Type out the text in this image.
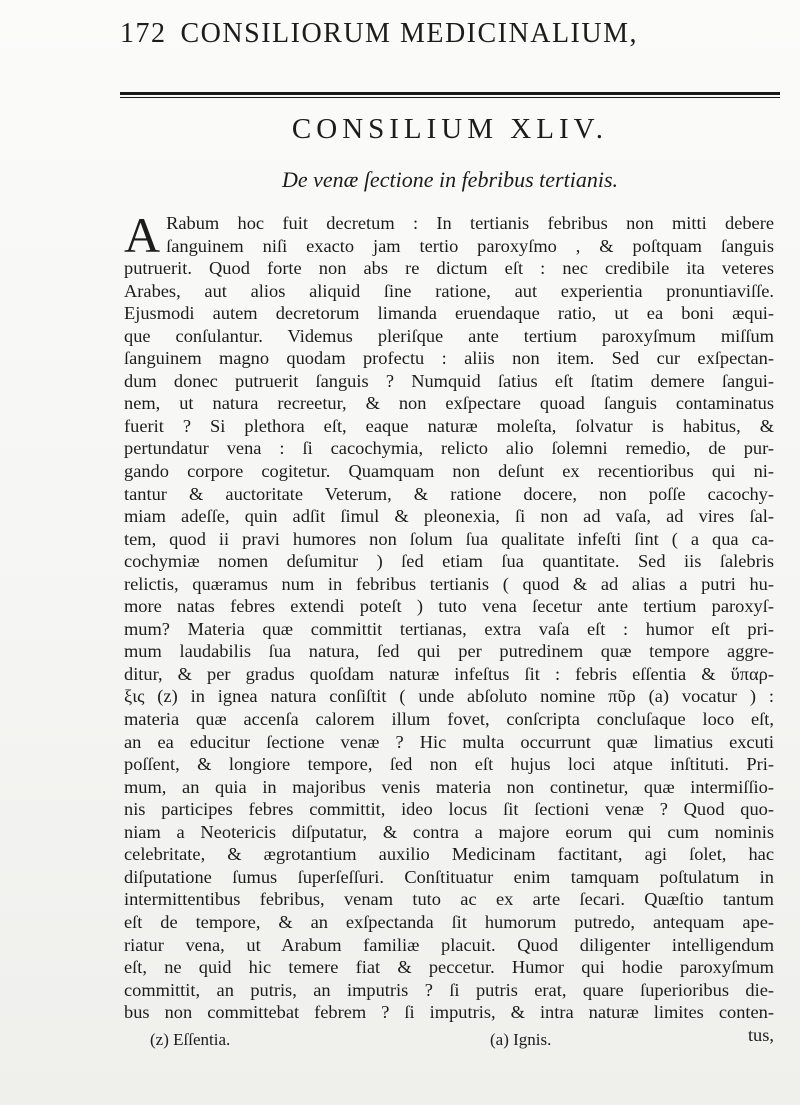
172 CONSILIORUM MEDICINALIUM,
CONSILIUM XLIV.
De venæ ſectione in febribus tertianis.
A Rabum hoc fuit decretum : In tertianis febribus non mitti debere
ſanguinem niſi exacto jam tertio paroxyſmo , & poſtquam ſanguis
putruerit. Quod forte non abs re dictum eſt : nec credibile ita veteres
Arabes, aut alios aliquid ſine ratione, aut experientia pronuntiaviſſe.
Ejusmodi autem decretorum limanda eruendaque ratio, ut ea boni æqui-
que conſulantur. Videmus pleriſque ante tertium paroxyſmum miſſum
ſanguinem magno quodam profectu : aliis non item. Sed cur exſpectan-
dum donec putruerit ſanguis ? Numquid ſatius eſt ſtatim demere ſangui-
nem, ut natura recreetur, & non exſpectare quoad ſanguis contaminatus
fuerit ? Si plethora eſt, eaque naturæ moleſta, ſolvatur is habitus, &
pertundatur vena : ſi cacochymia, relicto alio ſolemni remedio, de pur-
gando corpore cogitetur. Quamquam non deſunt ex recentioribus qui ni-
tantur & auctoritate Veterum, & ratione docere, non poſſe cacochy-
miam adeſſe, quin adſit ſimul & pleonexia, ſi non ad vaſa, ad vires ſal-
tem, quod ii pravi humores non ſolum ſua qualitate infeſti ſint ( a qua ca-
cochymiæ nomen deſumitur ) ſed etiam ſua quantitate. Sed iis ſalebris
relictis, quæramus num in febribus tertianis ( quod & ad alias a putri hu-
more natas febres extendi poteſt ) tuto vena ſecetur ante tertium paroxyſ-
mum? Materia quæ committit tertianas, extra vaſa eſt : humor eſt pri-
mum laudabilis ſua natura, ſed qui per putredinem quæ tempore aggre-
ditur, & per gradus quoſdam naturæ infeſtus ſit : febris eſſentia & ὕπαρ-
ξις (z) in ignea natura conſiſtit ( unde abſoluto nomine πῦρ (a) vocatur ) :
materia quæ accenſa calorem illum fovet, conſcripta concluſaque loco eſt,
an ea educitur ſectione venæ ? Hic multa occurrunt quæ limatius excuti
poſſent, & longiore tempore, ſed non eſt hujus loci atque inſtituti. Pri-
mum, an quia in majoribus venis materia non continetur, quæ intermiſſio-
nis participes febres committit, ideo locus ſit ſectioni venæ ? Quod quo-
niam a Neotericis diſputatur, & contra a majore eorum qui cum nominis
celebritate, & ægrotantium auxilio Medicinam factitant, agi ſolet, hac
diſputatione ſumus ſuperſeſſuri. Conſtituatur enim tamquam poſtulatum in
intermittentibus febribus, venam tuto ac ex arte ſecari. Quæſtio tantum
eſt de tempore, & an exſpectanda ſit humorum putredo, antequam ape-
riatur vena, ut Arabum familiæ placuit. Quod diligenter intelligendum
eſt, ne quid hic temere fiat & peccetur. Humor qui hodie paroxyſmum
committit, an putris, an imputris ? ſi putris erat, quare ſuperioribus die-
bus non committebat febrem ? ſi imputris, & intra naturæ limites conten-
tus,
(z) Eſſentia.	(a) Ignis.
